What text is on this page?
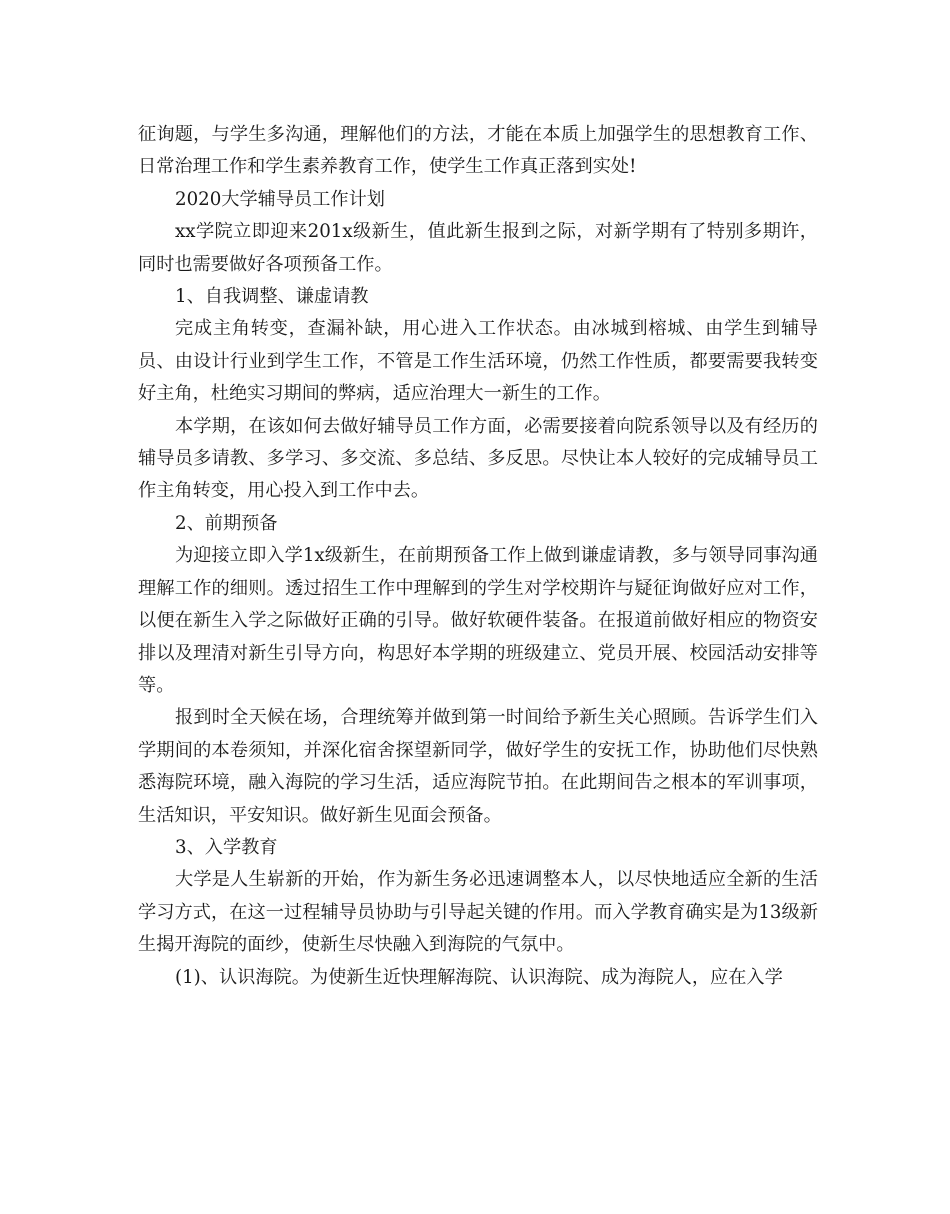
征询题，与学生多沟通，理解他们的方法，才能在本质上加强学生的思想教育工作、日常治理工作和学生素养教育工作，使学生工作真正落到实处!

2020大学辅导员工作计划

xx学院立即迎来201x级新生，值此新生报到之际，对新学期有了特别多期许，同时也需要做好各项预备工作。

1、自我调整、谦虚请教

完成主角转变，查漏补缺，用心进入工作状态。由冰城到榕城、由学生到辅导员、由设计行业到学生工作，不管是工作生活环境，仍然工作性质，都要需要我转变好主角，杜绝实习期间的弊病，适应治理大一新生的工作。

本学期，在该如何去做好辅导员工作方面，必需要接着向院系领导以及有经历的辅导员多请教、多学习、多交流、多总结、多反思。尽快让本人较好的完成辅导员工作主角转变，用心投入到工作中去。

2、前期预备

为迎接立即入学1x级新生，在前期预备工作上做到谦虚请教，多与领导同事沟通理解工作的细则。透过招生工作中理解到的学生对学校期许与疑征询做好应对工作，以便在新生入学之际做好正确的引导。做好软硬件装备。在报道前做好相应的物资安排以及理清对新生引导方向，构思好本学期的班级建立、党员开展、校园活动安排等等。

报到时全天候在场，合理统筹并做到第一时间给予新生关心照顾。告诉学生们入学期间的本卷须知，并深化宿舍探望新同学，做好学生的安抚工作，协助他们尽快熟悉海院环境，融入海院的学习生活，适应海院节拍。在此期间告之根本的军训事项，生活知识，平安知识。做好新生见面会预备。

3、入学教育

大学是人生崭新的开始，作为新生务必迅速调整本人，以尽快地适应全新的生活学习方式，在这一过程辅导员协助与引导起关键的作用。而入学教育确实是为13级新生揭开海院的面纱，使新生尽快融入到海院的气氛中。

(1)、认识海院。为使新生近快理解海院、认识海院、成为海院人，应在入学
